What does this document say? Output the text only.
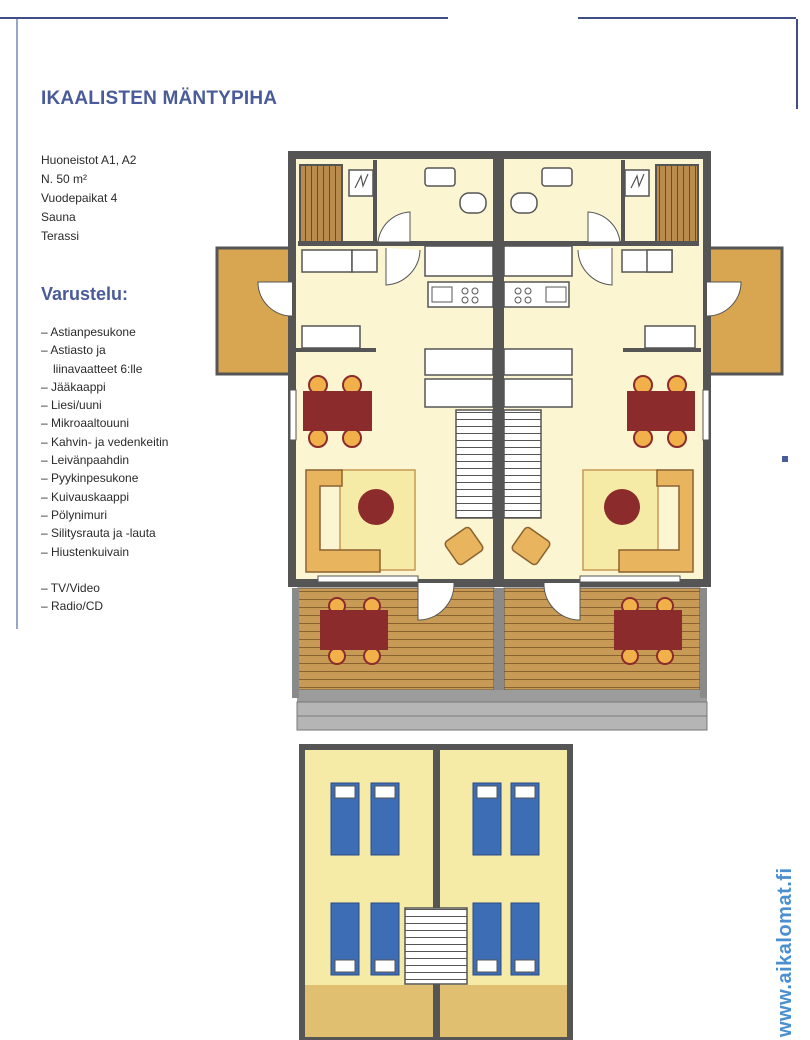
IKAALISTEN MÄNTYPIHA
Huoneistot A1, A2
N. 50 m²
Vuodepaikat 4
Sauna
Terassi
Varustelu:
– Astianpesukone
– Astiasto ja
liinavaatteet 6:lle
– Jääkaappi
– Liesi/uuni
– Mikroaaltouuni
– Kahvin- ja vedenkeitin
– Leivänpaahdin
– Pyykinpesukone
– Kuivauskaappi
– Pölynimuri
– Silitysrauta ja -lauta
– Hiustenkuivain
– TV/Video
– Radio/CD
www.aikalomat.fi
